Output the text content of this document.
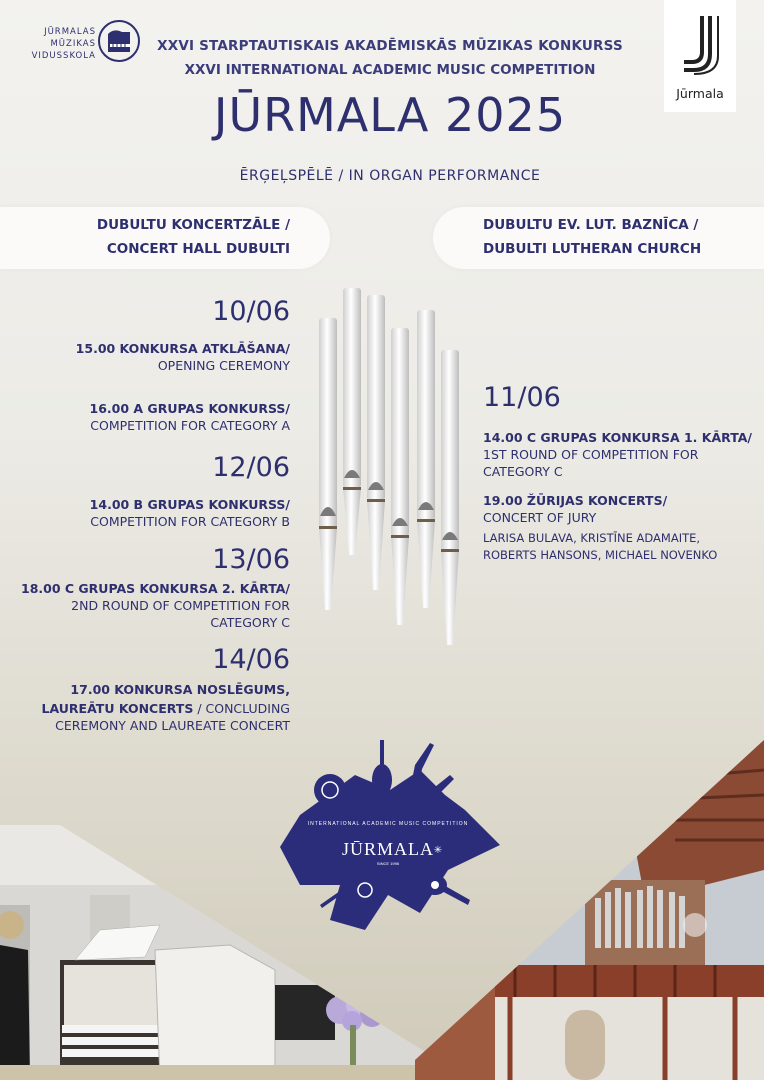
JŪRMALAS
MŪZIKAS
VIDUSSKOLA
XXVI STARPTAUTISKAIS AKADĒMISKĀS MŪZIKAS KONKURSS
XXVI INTERNATIONAL ACADEMIC MUSIC COMPETITION
JŪRMALA 2025
ĒRĢEĻSPĒLĒ / IN ORGAN PERFORMANCE
Jūrmala
DUBULTU KONCERTZĀLE /
CONCERT HALL DUBULTI
DUBULTU EV. LUT. BAZNĪCA /
DUBULTI LUTHERAN CHURCH
10/06
15.00 KONKURSA ATKLĀŠANA/
OPENING CEREMONY
16.00 A GRUPAS KONKURSS/
COMPETITION FOR CATEGORY A
12/06
14.00 B GRUPAS KONKURSS/
COMPETITION FOR CATEGORY B
13/06
18.00 C GRUPAS KONKURSA 2. KĀRTA/
2ND ROUND OF COMPETITION FOR
CATEGORY C
14/06
17.00 KONKURSA NOSLĒGUMS,
LAUREĀTU KONCERTS / CONCLUDING
CEREMONY AND LAUREATE CONCERT
11/06
14.00 C GRUPAS KONKURSA 1. KĀRTA/
1ST ROUND OF COMPETITION FOR
CATEGORY C
19.00 ŽŪRIJAS KONCERTS/
CONCERT OF JURY
LARISA BULAVA, KRISTĪNE ADAMAITE,
ROBERTS HANSONS, MICHAEL NOVENKO
INTERNATIONAL ACADEMIC MUSIC COMPETITION
JŪRMALA
SINCE 1996
✳
